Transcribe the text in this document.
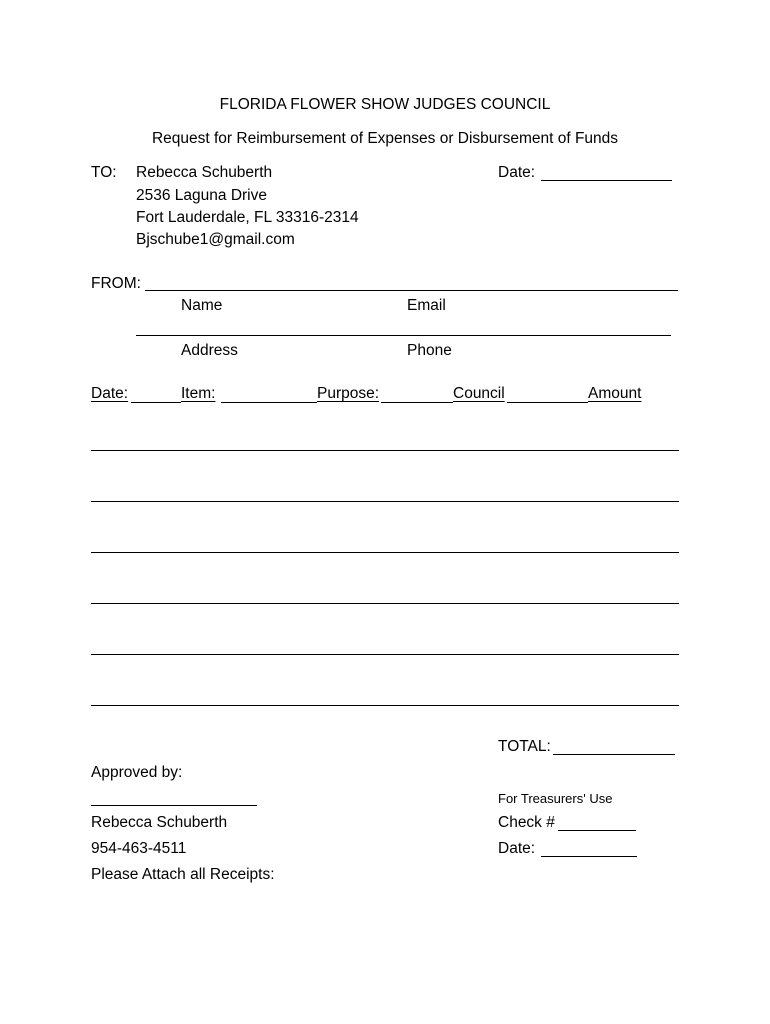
FLORIDA FLOWER SHOW JUDGES COUNCIL
Request for Reimbursement of Expenses or Disbursement of Funds
TO: Rebecca Schuberth
2536 Laguna Drive
Fort Lauderdale, FL 33316-2314
Bjschube1@gmail.com
Date:
FROM:
Name	Email
Address	Phone
Date:	Item:	Purpose:	Council	Amount
TOTAL:
Approved by:
Rebecca Schuberth
954-463-4511
Please Attach all Receipts:
For Treasurers' Use
Check #
Date:
